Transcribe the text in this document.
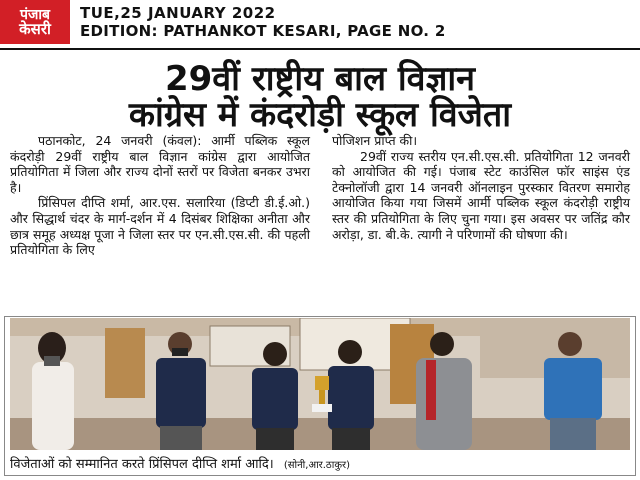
पंजाब
केसरी
TUE,25 JANUARY 2022
EDITION: PATHANKOT KESARI, PAGE NO. 2
29वीं राष्ट्रीय बाल विज्ञान
कांग्रेस में कंदरोड़ी स्कूल विजेता

पठानकोट, 24 जनवरी (कंवल): आर्मी पब्लिक स्कूल कंदरोड़ी 29वीं राष्ट्रीय बाल विज्ञान कांग्रेस द्वारा आयोजित प्रतियोगिता में जिला और राज्य दोनों स्तरों पर विजेता बनकर उभरा है।

प्रिंसिपल दीप्ति शर्मा, आर.एस. सलारिया (डिप्टी डी.ई.ओ.) और सिद्धार्थ चंदर के मार्ग-दर्शन में 4 दिसंबर शिक्षिका अनीता और छात्र समूह अध्यक्ष पूजा ने जिला स्तर पर एन.सी.एस.सी. की पहली प्रतियोगिता के लिए

पोजिशन प्राप्त की।

29वीं राज्य स्तरीय एन.सी.एस.सी. प्रतियोगिता 12 जनवरी को आयोजित की गई। पंजाब स्टेट काउंसिल फॉर साइंस एंड टेक्नोलॉजी द्वारा 14 जनवरी ऑनलाइन पुरस्कार वितरण समारोह आयोजित किया गया जिसमें आर्मी पब्लिक स्कूल कंदरोड़ी राष्ट्रीय स्तर की प्रतियोगिता के लिए चुना गया। इस अवसर पर जतिंद्र कौर अरोड़ा, डा. बी.के. त्यागी ने परिणामों की घोषणा की।

विजेताओं को सम्मानित करते प्रिंसिपल दीप्ति शर्मा आदि। (सोनी,आर.ठाकुर)
